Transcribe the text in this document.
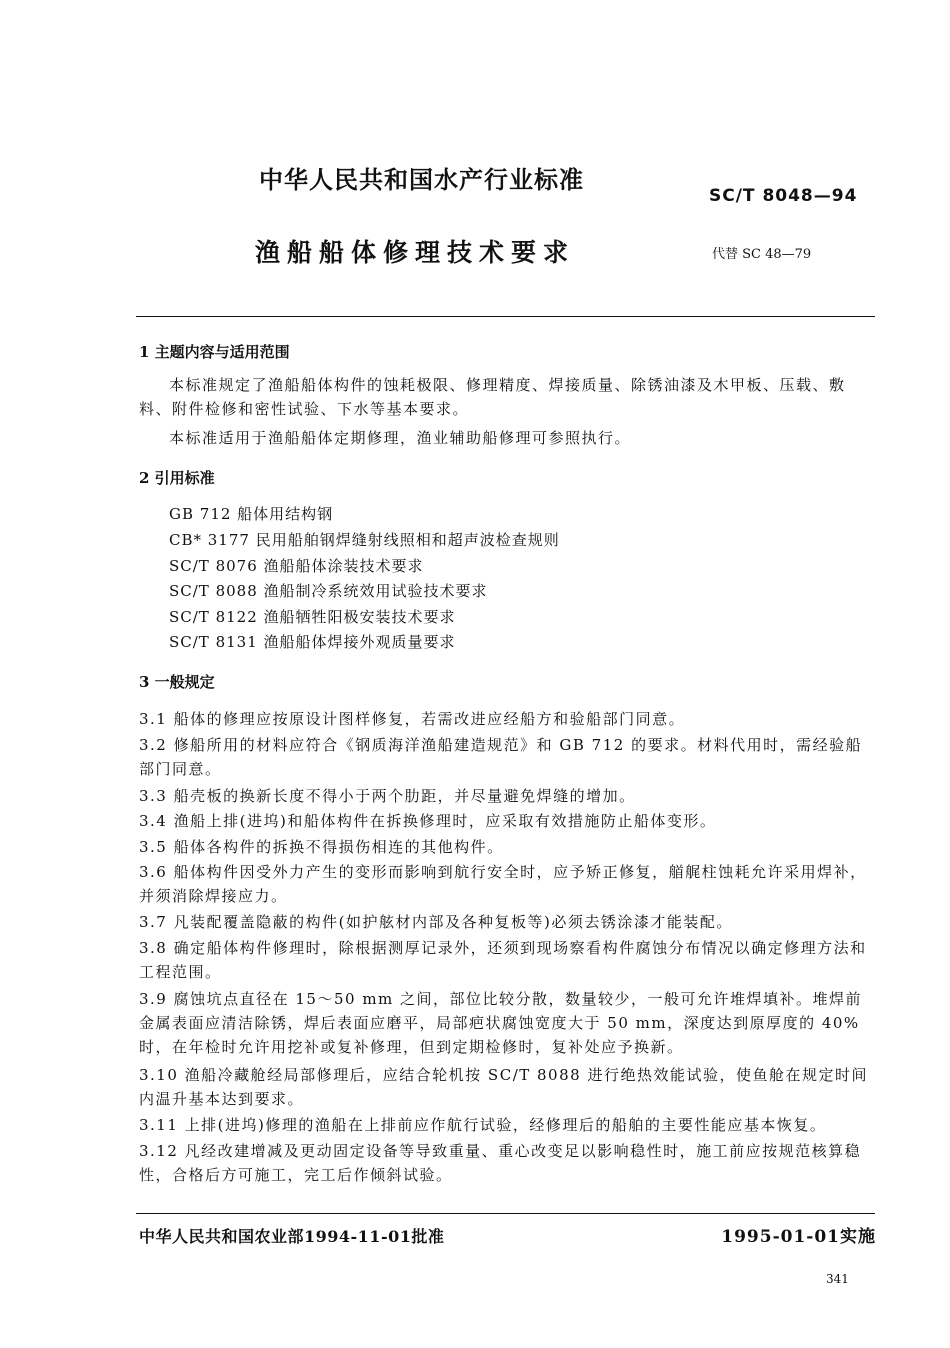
中华人民共和国水产行业标准
SC/T 8048—94
渔船船体修理技术要求	代替 SC 48—79
1 主题内容与适用范围
本标准规定了渔船船体构件的蚀耗极限、修理精度、焊接质量、除锈油漆及木甲板、压载、敷料、附件检修和密性试验、下水等基本要求。
本标准适用于渔船船体定期修理，渔业辅助船修理可参照执行。
2 引用标准
GB 712 船体用结构钢
CB* 3177 民用船舶钢焊缝射线照相和超声波检查规则
SC/T 8076 渔船船体涂装技术要求
SC/T 8088 渔船制冷系统效用试验技术要求
SC/T 8122 渔船牺牲阳极安装技术要求
SC/T 8131 渔船船体焊接外观质量要求
3 一般规定
3.1 船体的修理应按原设计图样修复，若需改进应经船方和验船部门同意。
3.2 修船所用的材料应符合《钢质海洋渔船建造规范》和 GB 712 的要求。材料代用时，需经验船部门同意。
3.3 船壳板的换新长度不得小于两个肋距，并尽量避免焊缝的增加。
3.4 渔船上排(进坞)和船体构件在拆换修理时，应采取有效措施防止船体变形。
3.5 船体各构件的拆换不得损伤相连的其他构件。
3.6 船体构件因受外力产生的变形而影响到航行安全时，应予矫正修复，艏艉柱蚀耗允许采用焊补，并须消除焊接应力。
3.7 凡装配覆盖隐蔽的构件(如护舷材内部及各种复板等)必须去锈涂漆才能装配。
3.8 确定船体构件修理时，除根据测厚记录外，还须到现场察看构件腐蚀分布情况以确定修理方法和工程范围。
3.9 腐蚀坑点直径在 15～50 mm 之间，部位比较分散，数量较少，一般可允许堆焊填补。堆焊前金属表面应清洁除锈，焊后表面应磨平，局部疤状腐蚀宽度大于 50 mm，深度达到原厚度的 40%时，在年检时允许用挖补或复补修理，但到定期检修时，复补处应予换新。
3.10 渔船冷藏舱经局部修理后，应结合轮机按 SC/T 8088 进行绝热效能试验，使鱼舱在规定时间内温升基本达到要求。
3.11 上排(进坞)修理的渔船在上排前应作航行试验，经修理后的船舶的主要性能应基本恢复。
3.12 凡经改建增减及更动固定设备等导致重量、重心改变足以影响稳性时，施工前应按规范核算稳性，合格后方可施工，完工后作倾斜试验。
中华人民共和国农业部1994-11-01批准	1995-01-01实施
341
